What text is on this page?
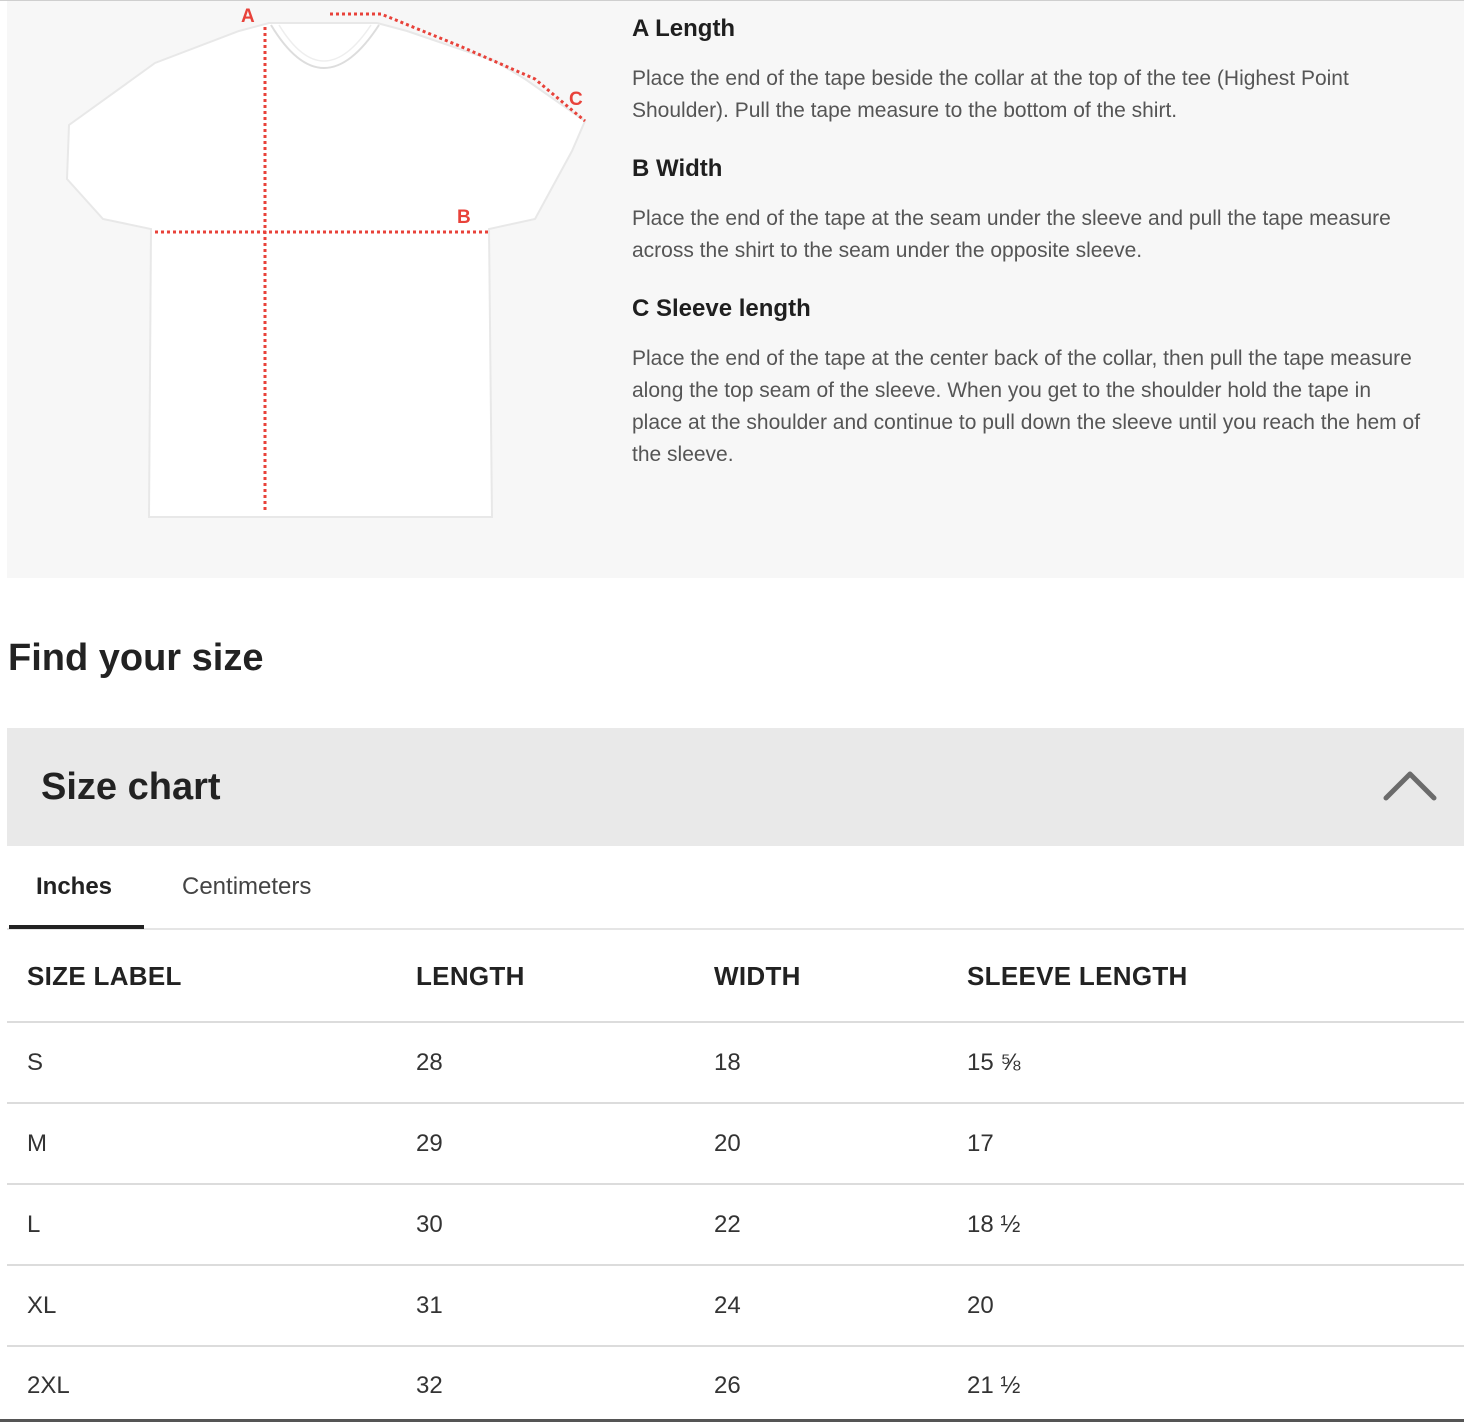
A
B
C
A Length

Place the end of the tape beside the collar at the top of the tee (Highest Point Shoulder). Pull the tape measure to the bottom of the shirt.

B Width

Place the end of the tape at the seam under the sleeve and pull the tape measure across the shirt to the seam under the opposite sleeve.

C Sleeve length

Place the end of the tape at the center back of the collar, then pull the tape measure along the top seam of the sleeve. When you get to the shoulder hold the tape in place at the shoulder and continue to pull down the sleeve until you reach the hem of the sleeve.

Find your size
Size chart
Inches	Centimeters
SIZE LABEL	LENGTH	WIDTH	SLEEVE LENGTH
S	28	18	15 ⅝
M	29	20	17
L	30	22	18 ½
XL	31	24	20
2XL	32	26	21 ½
